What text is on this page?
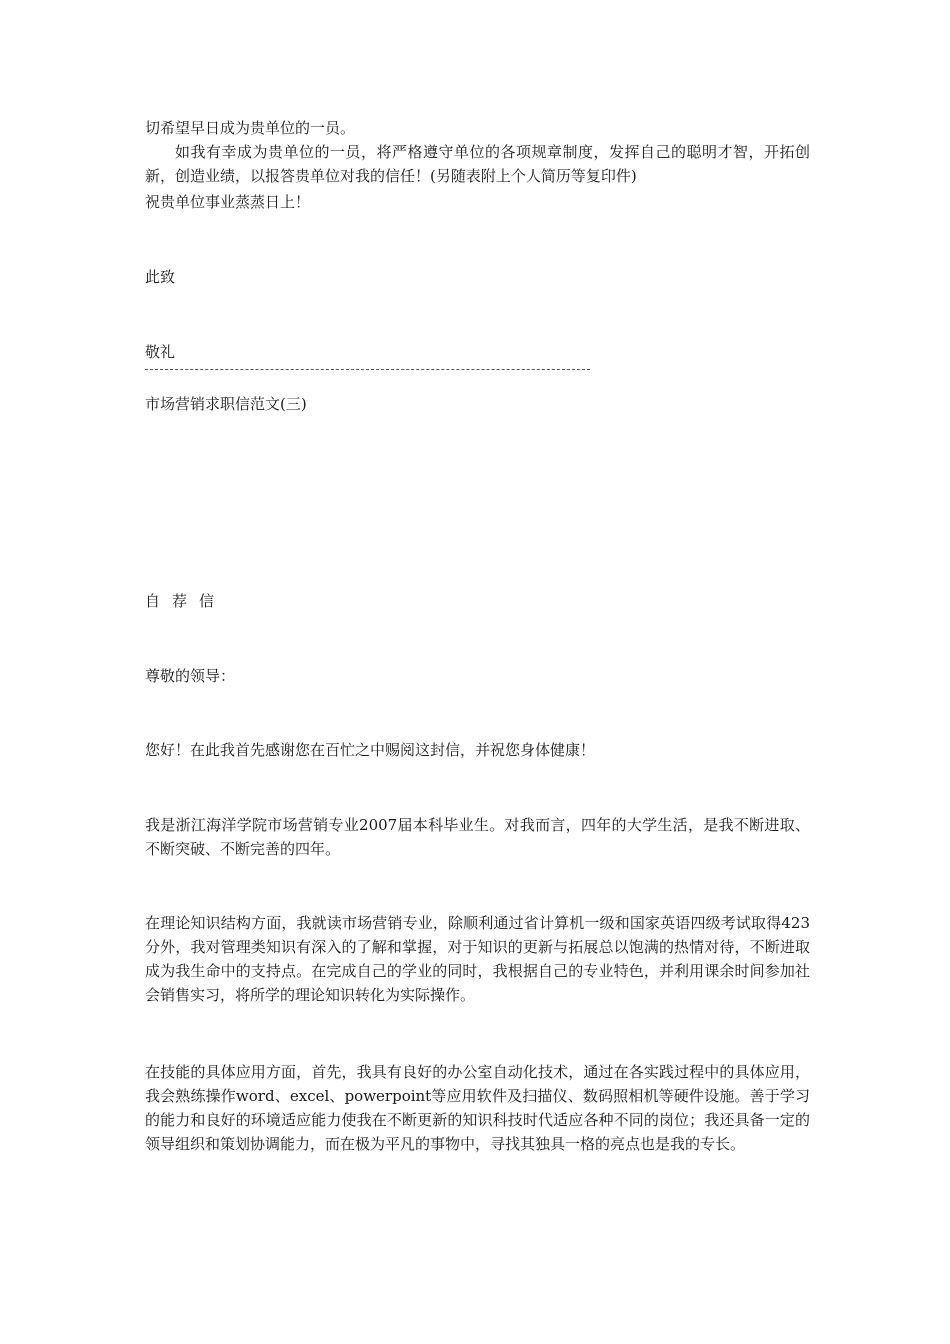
切希望早日成为贵单位的一员。

如我有幸成为贵单位的一员，将严格遵守单位的各项规章制度，发挥自己的聪明才智，开拓创新，创造业绩，以报答贵单位对我的信任！(另随表附上个人简历等复印件)

祝贵单位事业蒸蒸日上！

此致

敬礼

市场营销求职信范文(三)

自荐信

尊敬的领导：

您好！在此我首先感谢您在百忙之中赐阅这封信，并祝您身体健康！

我是浙江海洋学院市场营销专业2007届本科毕业生。对我而言，四年的大学生活，是我不断进取、不断突破、不断完善的四年。

在理论知识结构方面，我就读市场营销专业，除顺利通过省计算机一级和国家英语四级考试取得423分外，我对管理类知识有深入的了解和掌握，对于知识的更新与拓展总以饱满的热情对待，不断进取成为我生命中的支持点。在完成自己的学业的同时，我根据自己的专业特色，并利用课余时间参加社会销售实习，将所学的理论知识转化为实际操作。

在技能的具体应用方面，首先，我具有良好的办公室自动化技术，通过在各实践过程中的具体应用，我会熟练操作word、excel、powerpoint等应用软件及扫描仪、数码照相机等硬件设施。善于学习的能力和良好的环境适应能力使我在不断更新的知识科技时代适应各种不同的岗位；我还具备一定的领导组织和策划协调能力，而在极为平凡的事物中，寻找其独具一格的亮点也是我的专长。
